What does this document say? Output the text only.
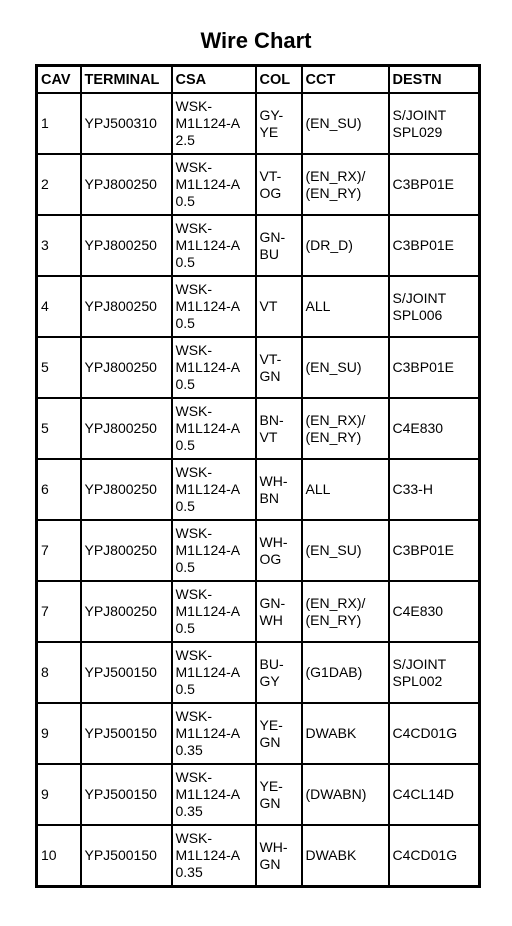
Wire Chart
CAV	TERMINAL	CSA	COL	CCT	DESTN
1	YPJ500310	WSK-
M1L124-A
2.5	GY-
YE	(EN_SU)	S/JOINT
SPL029

2	YPJ800250	WSK-
M1L124-A
0.5	VT-
OG	(EN_RX)/
(EN_RY)	C3BP01E

3	YPJ800250	WSK-
M1L124-A
0.5	GN-
BU	(DR_D)	C3BP01E

4	YPJ800250	WSK-
M1L124-A
0.5	VT	ALL	S/JOINT
SPL006

5	YPJ800250	WSK-
M1L124-A
0.5	VT-
GN	(EN_SU)	C3BP01E

5	YPJ800250	WSK-
M1L124-A
0.5	BN-
VT	(EN_RX)/
(EN_RY)	C4E830

6	YPJ800250	WSK-
M1L124-A
0.5	WH-
BN	ALL	C33-H

7	YPJ800250	WSK-
M1L124-A
0.5	WH-
OG	(EN_SU)	C3BP01E

7	YPJ800250	WSK-
M1L124-A
0.5	GN-
WH	(EN_RX)/
(EN_RY)	C4E830

8	YPJ500150	WSK-
M1L124-A
0.5	BU-
GY	(G1DAB)	S/JOINT
SPL002

9	YPJ500150	WSK-
M1L124-A
0.35	YE-
GN	DWABK	C4CD01G

9	YPJ500150	WSK-
M1L124-A
0.35	YE-
GN	(DWABN)	C4CL14D

10	YPJ500150	WSK-
M1L124-A
0.35	WH-
GN	DWABK	C4CD01G
